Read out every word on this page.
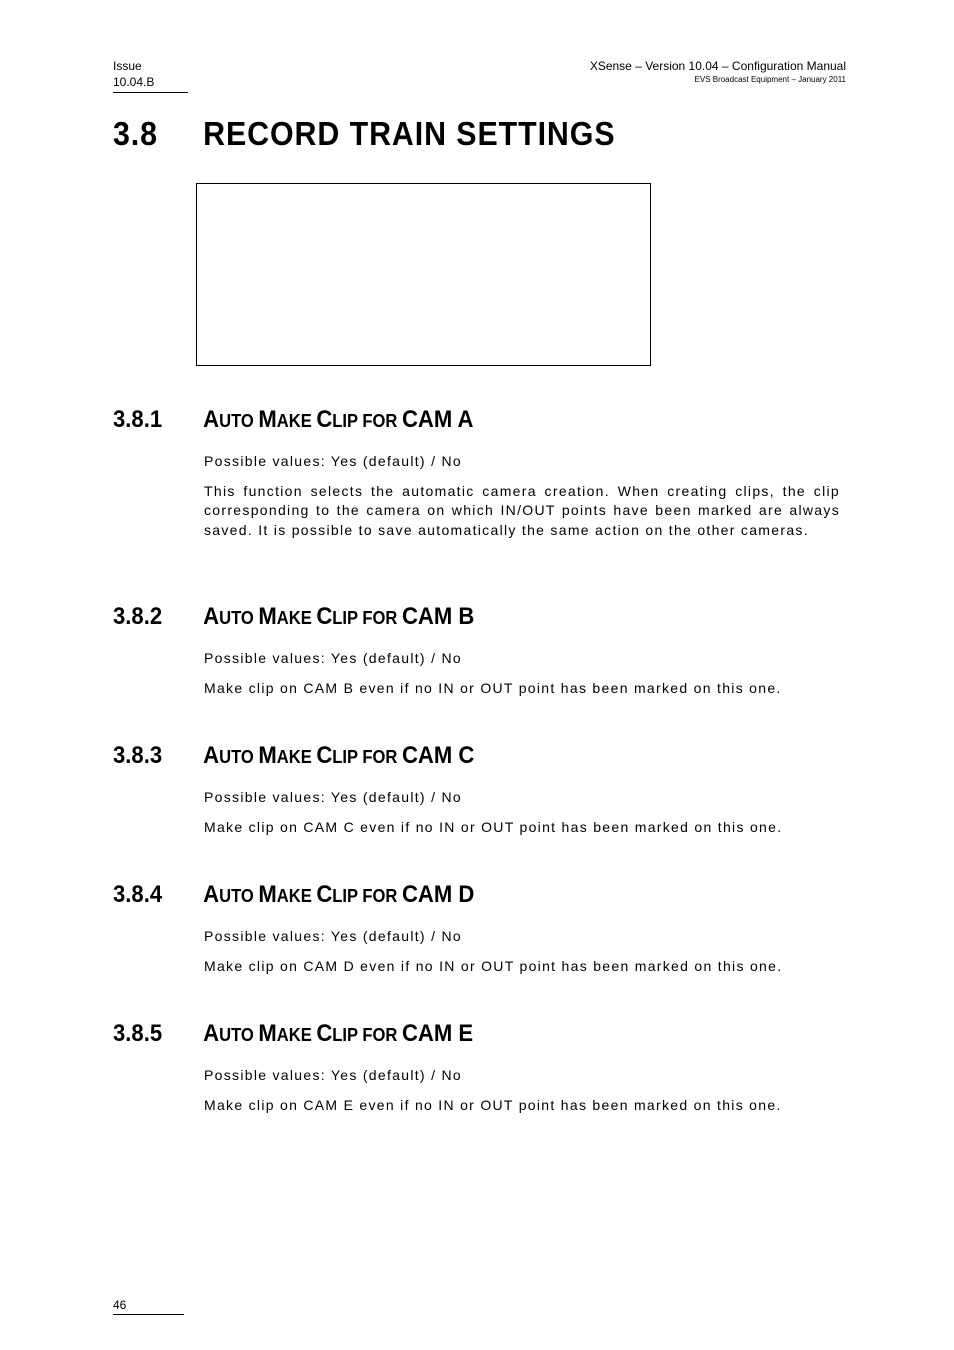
Issue
10.04.B
XSense – Version 10.04 – Configuration Manual
EVS Broadcast Equipment – January 2011
3.8 RECORD TRAIN SETTINGS
3.8.1 AUTO MAKE CLIP FOR CAM A

Possible values: Yes (default) / No

This function selects the automatic camera creation. When creating clips, the clip corresponding to the camera on which IN/OUT points have been marked are always saved. It is possible to save automatically the same action on the other cameras.

3.8.2 AUTO MAKE CLIP FOR CAM B

Possible values: Yes (default) / No

Make clip on CAM B even if no IN or OUT point has been marked on this one.

3.8.3 AUTO MAKE CLIP FOR CAM C

Possible values: Yes (default) / No

Make clip on CAM C even if no IN or OUT point has been marked on this one.

3.8.4 AUTO MAKE CLIP FOR CAM D

Possible values: Yes (default) / No

Make clip on CAM D even if no IN or OUT point has been marked on this one.

3.8.5 AUTO MAKE CLIP FOR CAM E

Possible values: Yes (default) / No

Make clip on CAM E even if no IN or OUT point has been marked on this one.

46
